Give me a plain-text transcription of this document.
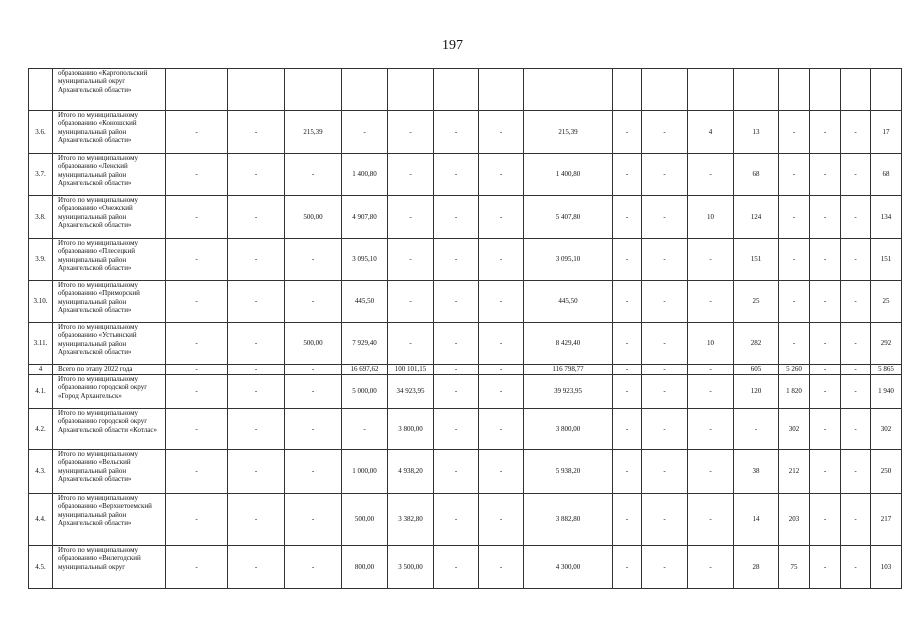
197
	образованию «Каргопольский муниципальный округ Архангельской области»																
3.6.	Итого по муниципальному образованию «Коношский муниципальный район Архангельской области»	-	-	215,39	-	-	-	-	215,39	-	-	4	13	-	-	-	17
3.7.	Итого по муниципальному образованию «Ленский муниципальный район Архангельской области»	-	-	-	1 400,80	-	-	-	1 400,80	-	-	-	68	-	-	-	68
3.8.	Итого по муниципальному образованию «Онежский муниципальный район Архангельской области»	-	-	500,00	4 907,80	-	-	-	5 407,80	-	-	10	124	-	-	-	134
3.9.	Итого по муниципальному образованию «Плесецкий муниципальный район Архангельской области»	-	-	-	3 095,10	-	-	-	3 095,10	-	-	-	151	-	-	-	151
3.10.	Итого по муниципальному образованию «Приморский муниципальный район Архангельской области»	-	-	-	445,50	-	-	-	445,50	-	-	-	25	-	-	-	25
3.11.	Итого по муниципальному образованию «Устьянский муниципальный район Архангельской области»	-	-	500,00	7 929,40	-	-	-	8 429,40	-	-	10	282	-	-	-	292
4	Всего по этапу 2022 года	-	-	-	16 697,62	100 101,15	-	-	116 798,77	-	-	-	605	5 260	-	-	5 865
4.1.	Итого по муниципальному образованию городской округ «Город Архангельск»	-	-	-	5 000,00	34 923,95	-	-	39 923,95	-	-	-	120	1 820	-	-	1 940
4.2.	Итого по муниципальному образованию городской округ Архангельской области «Котлас»	-	-	-	-	3 800,00	-	-	3 800,00	-	-	-	-	302	-	-	302
4.3.	Итого по муниципальному образованию «Вельский муниципальный район Архангельской области»	-	-	-	1 000,00	4 938,20	-	-	5 938,20	-	-	-	38	212	-	-	250
4.4.	Итого по муниципальному образованию «Верхнетоемский муниципальный район Архангельской области»	-	-	-	500,00	3 382,80	-	-	3 882,80	-	-	-	14	203	-	-	217
4.5.	Итого по муниципальному образованию «Вилегодский муниципальный округ	-	-	-	800,00	3 500,00	-	-	4 300,00	-	-	-	28	75	-	-	103
